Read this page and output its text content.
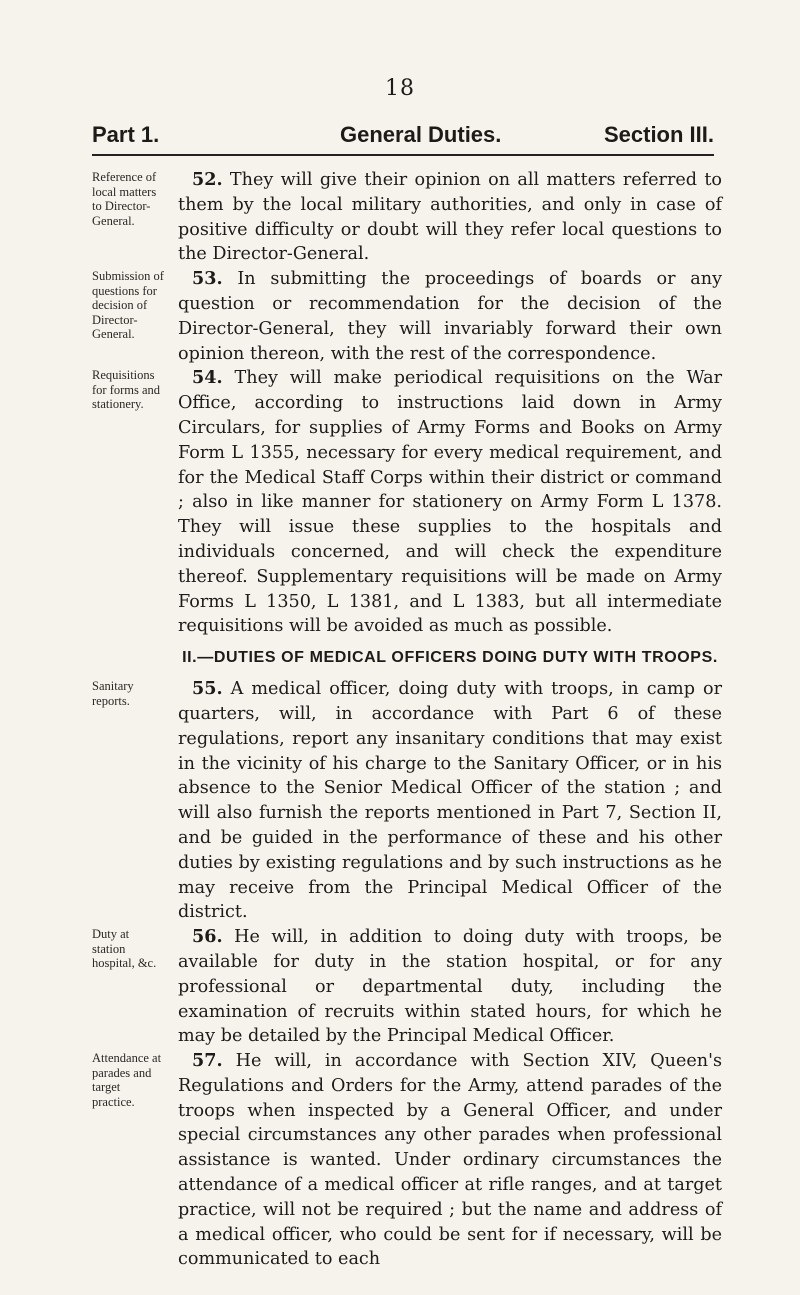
18
Part 1.	General Duties.	Section III.
Reference of local matters to Director-General.

52. They will give their opinion on all matters referred to them by the local military authorities, and only in case of positive difficulty or doubt will they refer local questions to the Director-General.

Submission of questions for decision of Director-General.

53. In submitting the proceedings of boards or any question or recommendation for the decision of the Director-General, they will invariably forward their own opinion thereon, with the rest of the correspondence.

Requisitions for forms and stationery.

54. They will make periodical requisitions on the War Office, according to instructions laid down in Army Circulars, for supplies of Army Forms and Books on Army Form L 1355, necessary for every medical requirement, and for the Medical Staff Corps within their district or command ; also in like manner for stationery on Army Form L 1378. They will issue these supplies to the hospitals and individuals concerned, and will check the expenditure thereof. Supplementary requisitions will be made on Army Forms L 1350, L 1381, and L 1383, but all intermediate requisitions will be avoided as much as possible.

II.—DUTIES OF MEDICAL OFFICERS DOING DUTY WITH TROOPS.
Sanitary reports.

55. A medical officer, doing duty with troops, in camp or quarters, will, in accordance with Part 6 of these regulations, report any insanitary conditions that may exist in the vicinity of his charge to the Sanitary Officer, or in his absence to the Senior Medical Officer of the station ; and will also furnish the reports mentioned in Part 7, Section II, and be guided in the performance of these and his other duties by existing regulations and by such instructions as he may receive from the Principal Medical Officer of the district.

Duty at station hospital, &c.

56. He will, in addition to doing duty with troops, be available for duty in the station hospital, or for any professional or departmental duty, including the examination of recruits within stated hours, for which he may be detailed by the Principal Medical Officer.

Attendance at parades and target practice.

57. He will, in accordance with Section XIV, Queen's Regulations and Orders for the Army, attend parades of the troops when inspected by a General Officer, and under special circumstances any other parades when professional assistance is wanted. Under ordinary circumstances the attendance of a medical officer at rifle ranges, and at target practice, will not be required ; but the name and address of a medical officer, who could be sent for if necessary, will be communicated to each
